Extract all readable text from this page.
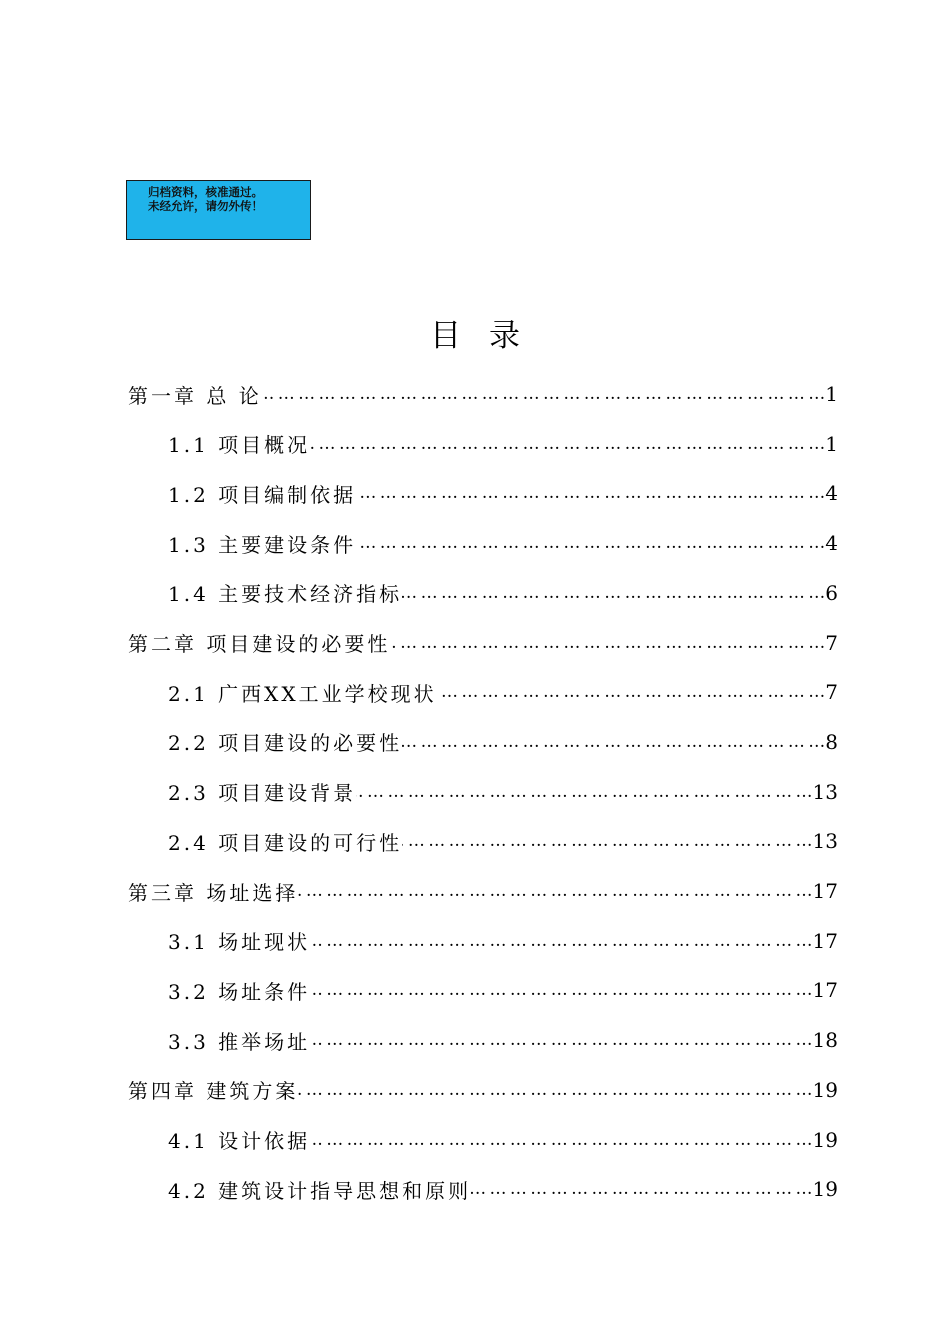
归档资料，核准通过。
未经允许，请勿外传！
目录
第一章 总 论 … … … … … … … … … … … … … … … … … … … … … … … … … … … … … … … … … … … … … … … … … … … … … … … … … … …	1
1.1 项目概况 … … … … … … … … … … … … … … … … … … … … … … … … … … … … … … … … … … … … … … … … … … … … … … … … … … …	1
1.2 项目编制依据 … … … … … … … … … … … … … … … … … … … … … … … … … … … … … … … … … … … … … … … … … … … … … … … … … … …	4
1.3 主要建设条件 … … … … … … … … … … … … … … … … … … … … … … … … … … … … … … … … … … … … … … … … … … … … … … … … … … …	4
1.4 主要技术经济指标 … … … … … … … … … … … … … … … … … … … … … … … … … … … … … … … … … … … … … … … … … … … … … … … … … … …	6
第二章 项目建设的必要性 … … … … … … … … … … … … … … … … … … … … … … … … … … … … … … … … … … … … … … … … … … … … … … … … … … …	7
2.1 广西XX工业学校现状 … … … … … … … … … … … … … … … … … … … … … … … … … … … … … … … … … … … … … … … … … … … … … … … … … … …	7
2.2 项目建设的必要性 … … … … … … … … … … … … … … … … … … … … … … … … … … … … … … … … … … … … … … … … … … … … … … … … … … …	8
2.3 项目建设背景 … … … … … … … … … … … … … … … … … … … … … … … … … … … … … … … … … … … … … … … … … … … … … … … … … … …	13
2.4 项目建设的可行性 … … … … … … … … … … … … … … … … … … … … … … … … … … … … … … … … … … … … … … … … … … … … … … … … … … …	13
第三章 场址选择 … … … … … … … … … … … … … … … … … … … … … … … … … … … … … … … … … … … … … … … … … … … … … … … … … … …	17
3.1 场址现状 … … … … … … … … … … … … … … … … … … … … … … … … … … … … … … … … … … … … … … … … … … … … … … … … … … …	17
3.2 场址条件 … … … … … … … … … … … … … … … … … … … … … … … … … … … … … … … … … … … … … … … … … … … … … … … … … … …	17
3.3 推举场址 … … … … … … … … … … … … … … … … … … … … … … … … … … … … … … … … … … … … … … … … … … … … … … … … … … …	18
第四章 建筑方案 … … … … … … … … … … … … … … … … … … … … … … … … … … … … … … … … … … … … … … … … … … … … … … … … … … …	19
4.1 设计依据 … … … … … … … … … … … … … … … … … … … … … … … … … … … … … … … … … … … … … … … … … … … … … … … … … … …	19
4.2 建筑设计指导思想和原则 … … … … … … … … … … … … … … … … … … … … … … … … … … … … … … … … … … … … … … … … … … … … … … … … … … …	19
